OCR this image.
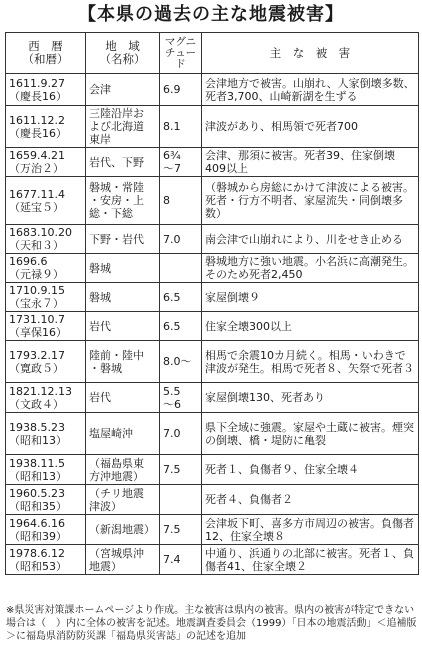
【本県の過去の主な地震被害】
西　暦
（和暦）	地　域
（名称）	マグニチュード	主　な　被　害
1611.9.27
（慶長16）	会津	6.9	会津地方で被害。山崩れ、人家倒壊多数、死者3,700、山崎新湖を生ずる
1611.12.2
（慶長16）	三陸沿岸お
よび北海道
東岸	8.1	津波があり、相馬領で死者700
1659.4.21
（万治２）	岩代、下野	6¾
～7	会津、那須に被害。死者39、住家倒壊409以上
1677.11.4
（延宝５）	磐城・常陸
・安房・上
総・下総	8	（磐城から房総にかけて津波による被害。死者・行方不明者、家屋流失・同倒壊多数）
1683.10.20
（天和３）	下野・岩代	7.0	南会津で山崩れにより、川をせき止める
1696.6
（元禄９）	磐城		磐城地方に強い地震。小名浜に高潮発生。そのため死者2,450
1710.9.15
（宝永７）	磐城	6.5	家屋倒壊９
1731.10.7
（享保16）	岩代	6.5	住家全壊300以上
1793.2.17
（寛政５）	陸前・陸中
・磐城	8.0～	相馬で余震10カ月続く。相馬・いわきで津波が発生。相馬で死者８、矢祭で死者３
1821.12.13
（文政４）	岩代	5.5
～6	家屋倒壊130、死者あり
1938.5.23
（昭和13）	塩屋崎沖	7.0	県下全域に強震。家屋や土蔵に被害。煙突の倒壊、橋・堤防に亀裂
1938.11.5
（昭和13）	（福島県東
方沖地震）	7.5	死者１、負傷者９、住家全壊４
1960.5.23
（昭和35）	（チリ地震
津波）		死者４、負傷者２
1964.6.16
（昭和39）	（新潟地震）	7.5	会津坂下町、喜多方市周辺の被害。負傷者12、住家全壊８
1978.6.12
（昭和53）	（宮城県沖
地震）	7.4	中通り、浜通りの北部に被害。死者１、負傷者41、住家全壊２
※県災害対策課ホームページより作成。主な被害は県内の被害。県内の被害が特定できない場合は（　）内に全体の被害を記述。地震調査委員会（1999）「日本の地震活動」＜追補版＞に福島県消防防災課「福島県災害誌」の記述を追加
